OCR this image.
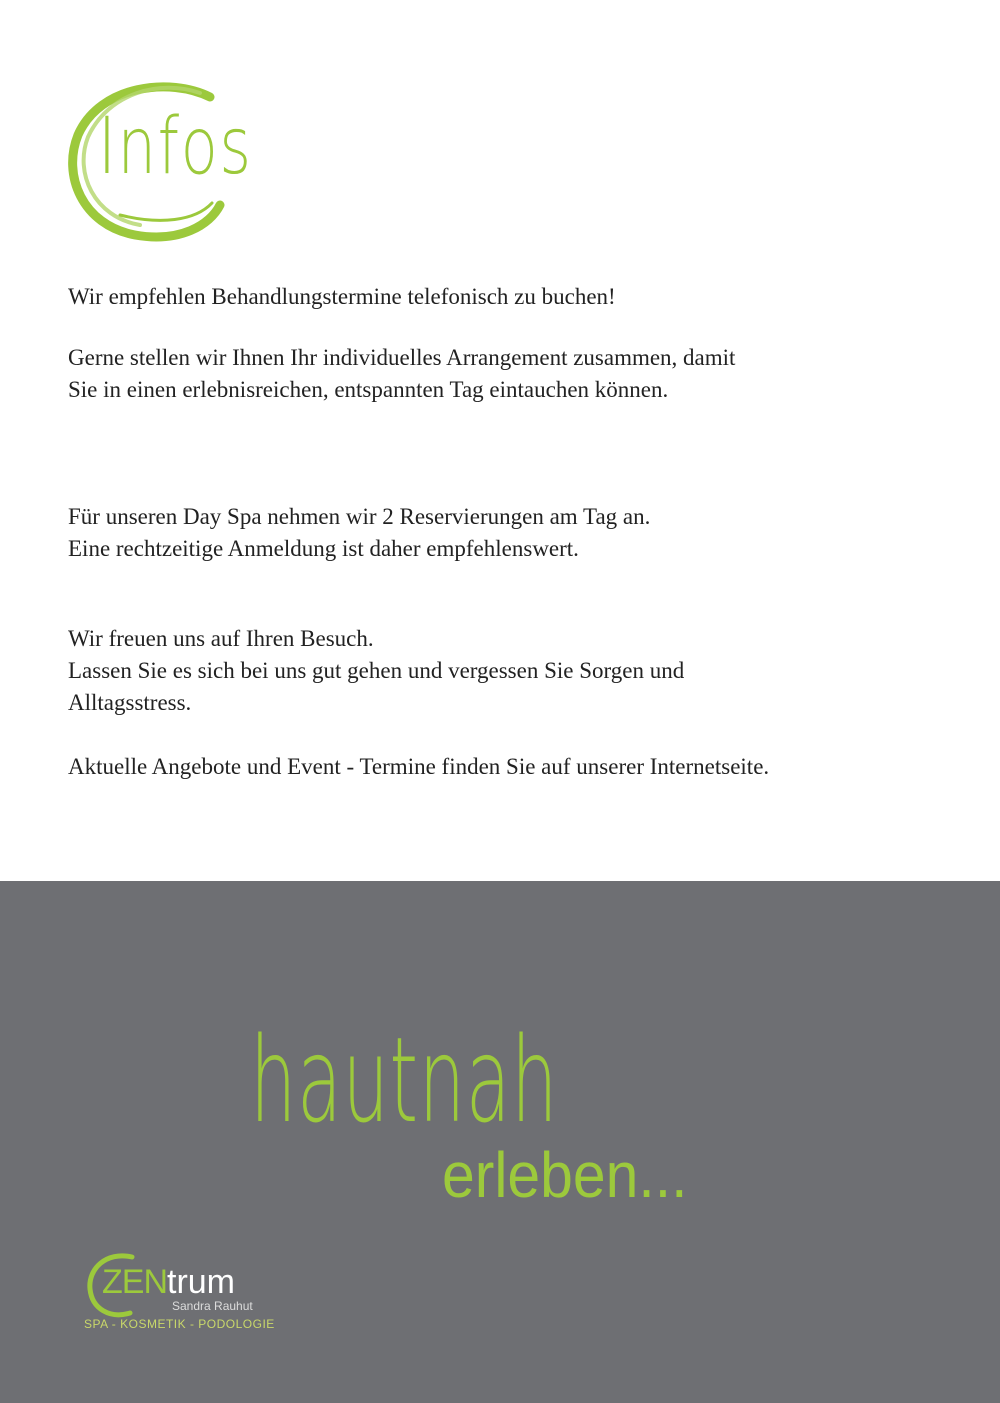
Infos

Wir empfehlen Behandlungstermine telefonisch zu buchen!

Gerne stellen wir Ihnen Ihr individuelles Arrangement zusammen, damit
Sie in einen erlebnisreichen, entspannten Tag eintauchen können.

Für unseren Day Spa nehmen wir 2 Reservierungen am Tag an.
Eine rechtzeitige Anmeldung ist daher empfehlenswert.

Wir freuen uns auf Ihren Besuch.
Lassen Sie es sich bei uns gut gehen und vergessen Sie Sorgen und
Alltagsstress.

Aktuelle Angebote und Event - Termine finden Sie auf unserer Internetseite.

hautnah
erleben...
ZENtrum
Sandra Rauhut
SPA - KOSMETIK - PODOLOGIE
